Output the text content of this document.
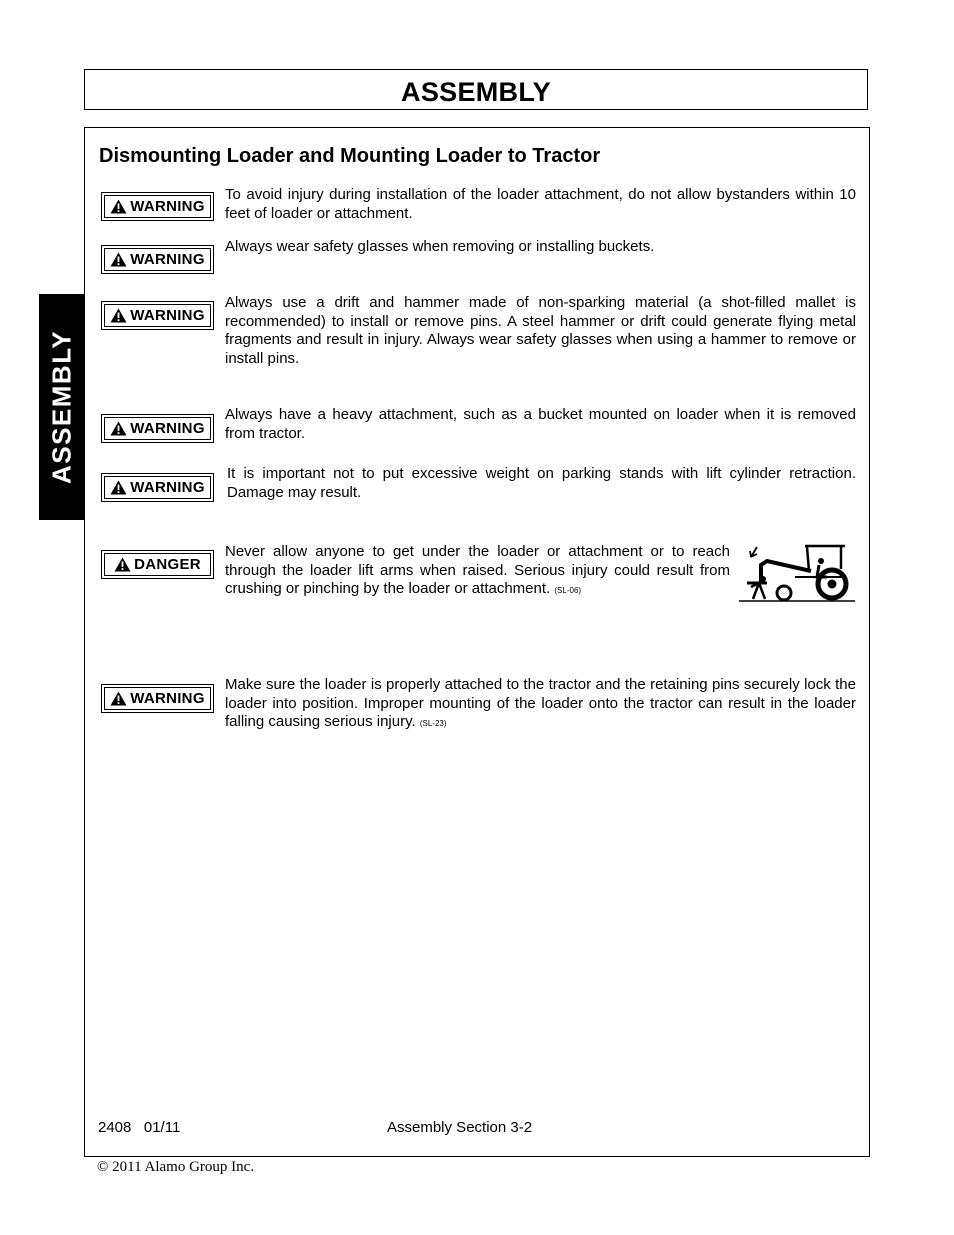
ASSEMBLY
ASSEMBLY
Dismounting Loader and Mounting Loader to Tractor
WARNING
To avoid injury during installation of the loader attachment, do not allow bystanders within 10 feet of loader or attachment.
WARNING
Always wear safety glasses when removing or installing buckets.
WARNING
Always use a drift and hammer made of non-sparking material (a shot-filled mallet is recommended) to install or remove pins. A steel hammer or drift could generate flying metal fragments and result in injury. Always wear safety glasses when using a hammer to remove or install pins.
WARNING
Always have a heavy attachment, such as a bucket mounted on loader when it is removed from tractor.
WARNING
It is important not to put excessive weight on parking stands with lift cylinder retraction. Damage may result.
DANGER
Never allow anyone to get under the loader or attachment or to reach through the loader lift arms when raised. Serious injury could result from crushing or pinching by the loader or attachment. (SL-06)
WARNING
Make sure the loader is properly attached to the tractor and the retaining pins securely lock the loader into position. Improper mounting of the loader onto the tractor can result in the loader falling causing serious injury. (SL-23)
2408   01/11	Assembly Section 3-2
© 2011 Alamo Group Inc.
